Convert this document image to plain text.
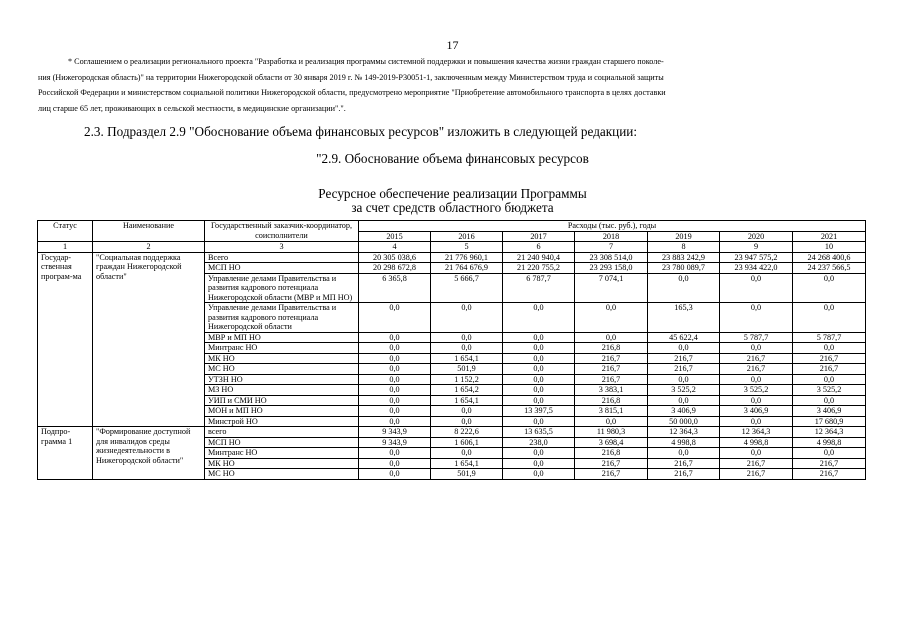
17

* Соглашением о реализации регионального проекта "Разработка и реализация программы системной поддержки и повышения качества жизни граждан старшего поколе-

ния (Нижегородская область)" на территории Нижегородской области от 30 января 2019 г. № 149-2019-P30051-1, заключенным между Министерством труда и социальной защиты

Российской Федерации и министерством социальной политики Нижегородской области, предусмотрено мероприятие "Приобретение автомобильного транспорта в целях доставки

лиц старше 65 лет, проживающих в сельской местности, в медицинские организации".".

2.3. Подраздел 2.9 "Обоснование объема финансовых ресурсов" изложить в следующей редакции:
"2.9. Обоснование объема финансовых ресурсов
Ресурсное обеспечение реализации Программы
за счет средств областного бюджета
Статус	Наименование	Государственный заказчик-координатор, соисполнители	Расходы (тыс. руб.), годы						
			2015	2016	2017	2018	2019	2020	2021
1	2	3	4	5	6	7	8	9	10
Государ-ственная програм-ма	"Социальная поддержка граждан Нижегородской области"	Всего	20 305 038,6	21 776 960,1	21 240 940,4	23 308 514,0	23 883 242,9	23 947 575,2	24 268 400,6
		МСП НО	20 298 672,8	21 764 676,9	21 220 755,2	23 293 158,0	23 780 089,7	23 934 422,0	24 237 566,5
		Управление делами Правительства и развития кадрового потенциала Нижегородской области (МВР и МП НО)	6 365,8	5 666,7	6 787,7	7 074,1	0,0	0,0	0,0
		Управление делами Правительства и развития кадрового потенциала Нижегородской области	0,0	0,0	0,0	0,0	165,3	0,0	0,0
		МВР и МП НО	0,0	0,0	0,0	0,0	45 622,4	5 787,7	5 787,7
		Минтранс НО	0,0	0,0	0,0	216,8	0,0	0,0	0,0
		МК НО	0,0	1 654,1	0,0	216,7	216,7	216,7	216,7
		МС НО	0,0	501,9	0,0	216,7	216,7	216,7	216,7
		УТЗН НО	0,0	1 152,2	0,0	216,7	0,0	0,0	0,0
		МЗ НО	0,0	1 654,2	0,0	3 383,1	3 525,2	3 525,2	3 525,2
		УИП и СМИ НО	0,0	1 654,1	0,0	216,8	0,0	0,0	0,0
		МОН и МП НО	0,0	0,0	13 397,5	3 815,1	3 406,9	3 406,9	3 406,9
		Минстрой НО	0,0	0,0	0,0	0,0	50 000,0	0,0	17 680,9
Подпро-грамма 1	"Формирование доступной для инвалидов среды жизнедеятельности в Нижегородской области"	всего	9 343,9	8 222,6	13 635,5	11 980,3	12 364,3	12 364,3	12 364,3
		МСП НО	9 343,9	1 606,1	238,0	3 698,4	4 998,8	4 998,8	4 998,8
		Минтранс НО	0,0	0,0	0,0	216,8	0,0	0,0	0,0
		МК НО	0,0	1 654,1	0,0	216,7	216,7	216,7	216,7
		МС НО	0,0	501,9	0,0	216,7	216,7	216,7	216,7
